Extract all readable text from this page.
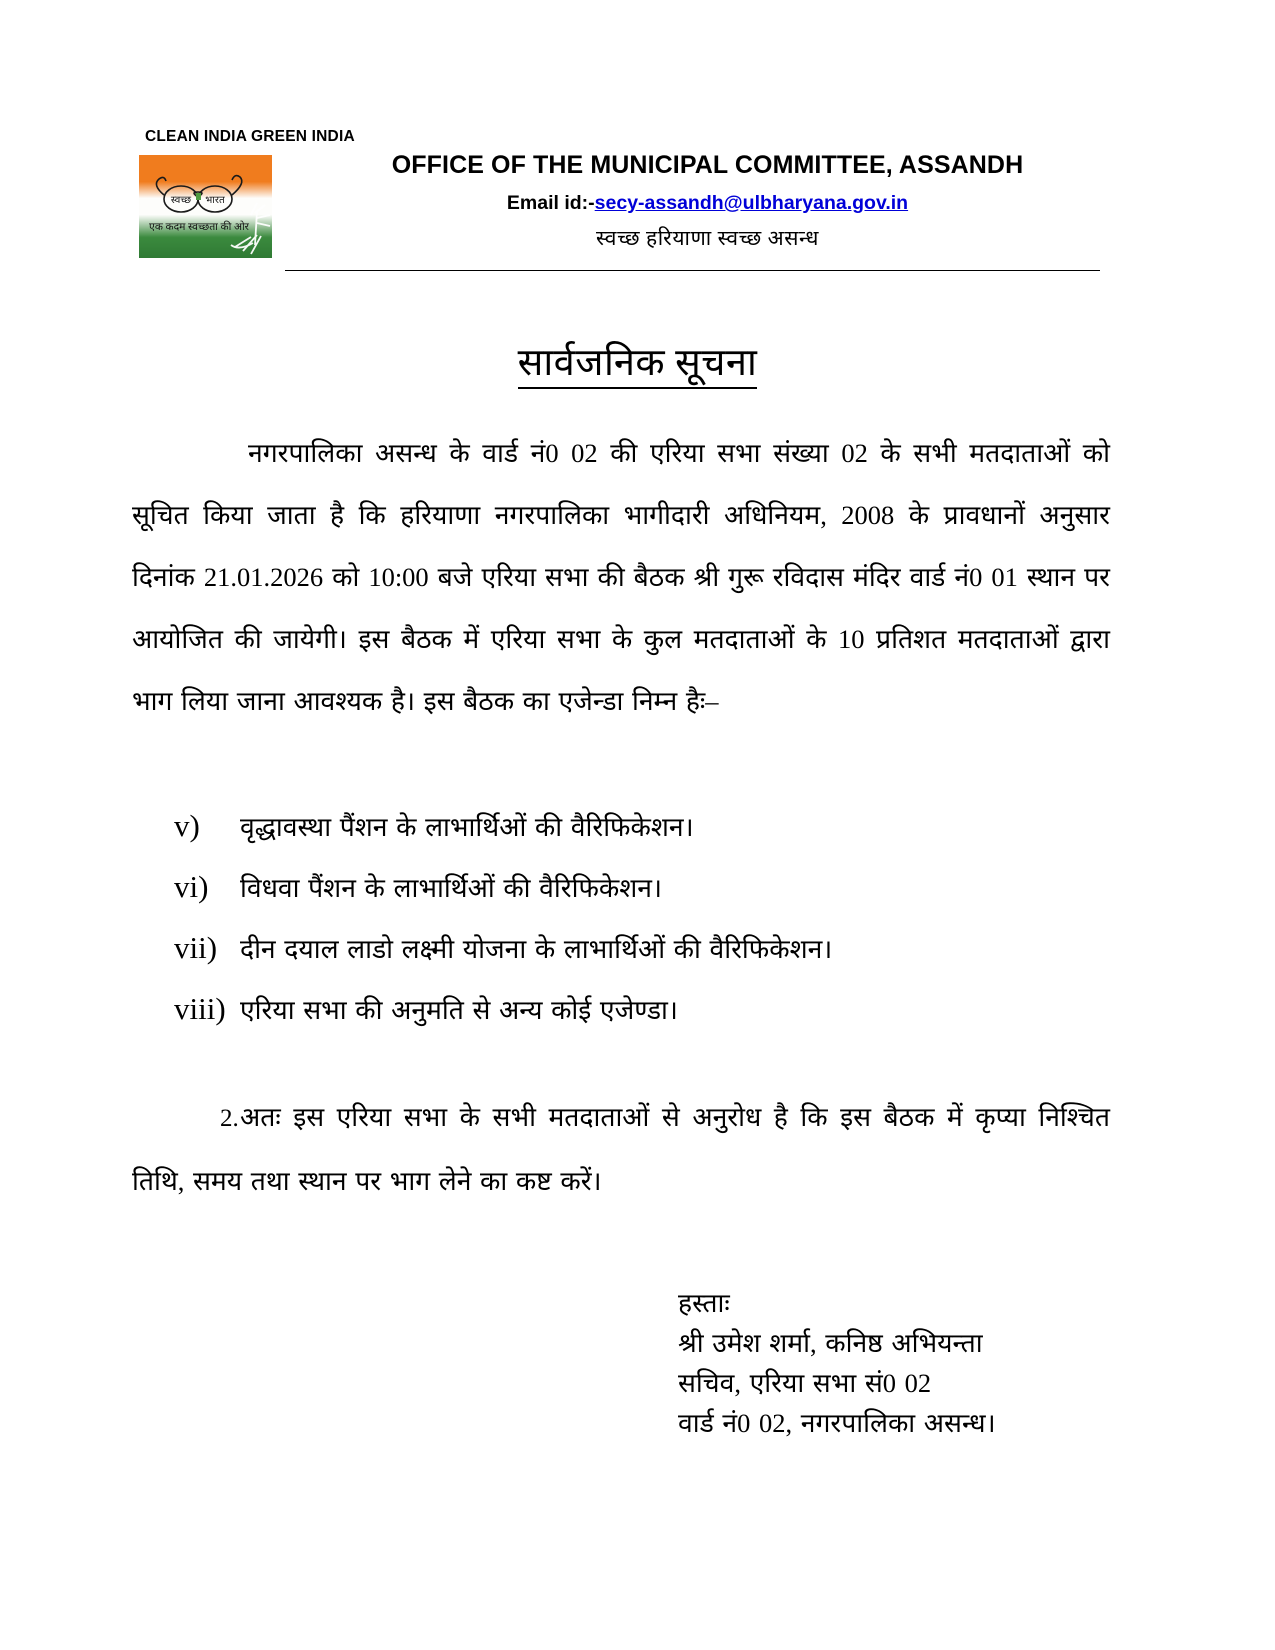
CLEAN INDIA GREEN INDIA
स्वच्छ भारत
एक कदम स्वच्छता की ओर
OFFICE OF THE MUNICIPAL COMMITTEE, ASSANDH
Email id:-secy-assandh@ulbharyana.gov.in
स्वच्छ हरियाणा स्वच्छ असन्ध
सार्वजनिक सूचना

नगरपालिका असन्ध के वार्ड नं0 02 की एरिया सभा संख्या 02 के सभी मतदाताओं को सूचित किया जाता है कि हरियाणा नगरपालिका भागीदारी अधिनियम, 2008 के प्रावधानों अनुसार दिनांक 21.01.2026 को 10:00 बजे एरिया सभा की बैठक श्री गुरू रविदास मंदिर वार्ड नं0 01 स्थान पर आयोजित की जायेगी। इस बैठक में एरिया सभा के कुल मतदाताओं के 10 प्रतिशत मतदाताओं द्वारा भाग लिया जाना आवश्यक है। इस बैठक का एजेन्डा निम्न हैः–

v)	वृद्धावस्था पैंशन के लाभार्थिओं की वैरिफिकेशन।
vi)	विधवा पैंशन के लाभार्थिओं की वैरिफिकेशन।
vii) दीन दयाल लाडो लक्ष्मी योजना के लाभार्थिओं की वैरिफिकेशन।
viii) एरिया सभा की अनुमति से अन्य कोई एजेण्डा।

2.अतः इस एरिया सभा के सभी मतदाताओं से अनुरोध है कि इस बैठक में कृप्या निश्चित तिथि, समय तथा स्थान पर भाग लेने का कष्ट करें।

हस्ताः
श्री उमेश शर्मा, कनिष्ठ अभियन्ता
सचिव, एरिया सभा सं0 02
वार्ड नं0 02, नगरपालिका असन्ध।
